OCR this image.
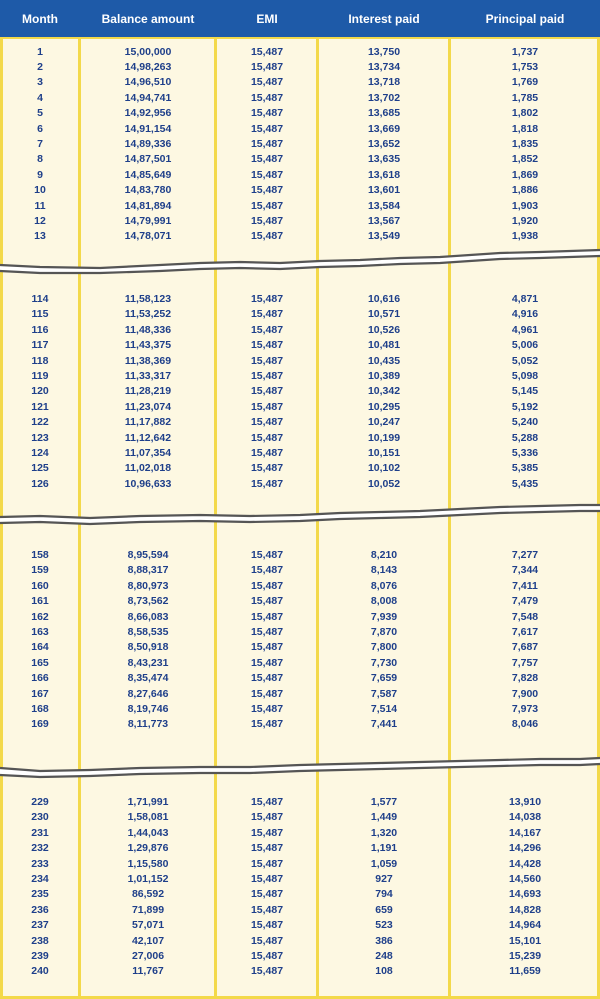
Month	Balance amount	EMI	Interest paid	Principal paid
1	15,00,000	15,487	13,750	1,737
2	14,98,263	15,487	13,734	1,753
3	14,96,510	15,487	13,718	1,769
4	14,94,741	15,487	13,702	1,785
5	14,92,956	15,487	13,685	1,802
6	14,91,154	15,487	13,669	1,818
7	14,89,336	15,487	13,652	1,835
8	14,87,501	15,487	13,635	1,852
9	14,85,649	15,487	13,618	1,869
10	14,83,780	15,487	13,601	1,886
11	14,81,894	15,487	13,584	1,903
12	14,79,991	15,487	13,567	1,920
13	14,78,071	15,487	13,549	1,938
114	11,58,123	15,487	10,616	4,871
115	11,53,252	15,487	10,571	4,916
116	11,48,336	15,487	10,526	4,961
117	11,43,375	15,487	10,481	5,006
118	11,38,369	15,487	10,435	5,052
119	11,33,317	15,487	10,389	5,098
120	11,28,219	15,487	10,342	5,145
121	11,23,074	15,487	10,295	5,192
122	11,17,882	15,487	10,247	5,240
123	11,12,642	15,487	10,199	5,288
124	11,07,354	15,487	10,151	5,336
125	11,02,018	15,487	10,102	5,385
126	10,96,633	15,487	10,052	5,435
158	8,95,594	15,487	8,210	7,277
159	8,88,317	15,487	8,143	7,344
160	8,80,973	15,487	8,076	7,411
161	8,73,562	15,487	8,008	7,479
162	8,66,083	15,487	7,939	7,548
163	8,58,535	15,487	7,870	7,617
164	8,50,918	15,487	7,800	7,687
165	8,43,231	15,487	7,730	7,757
166	8,35,474	15,487	7,659	7,828
167	8,27,646	15,487	7,587	7,900
168	8,19,746	15,487	7,514	7,973
169	8,11,773	15,487	7,441	8,046
229	1,71,991	15,487	1,577	13,910
230	1,58,081	15,487	1,449	14,038
231	1,44,043	15,487	1,320	14,167
232	1,29,876	15,487	1,191	14,296
233	1,15,580	15,487	1,059	14,428
234	1,01,152	15,487	927	14,560
235	86,592	15,487	794	14,693
236	71,899	15,487	659	14,828
237	57,071	15,487	523	14,964
238	42,107	15,487	386	15,101
239	27,006	15,487	248	15,239
240	11,767	15,487	108	11,659
